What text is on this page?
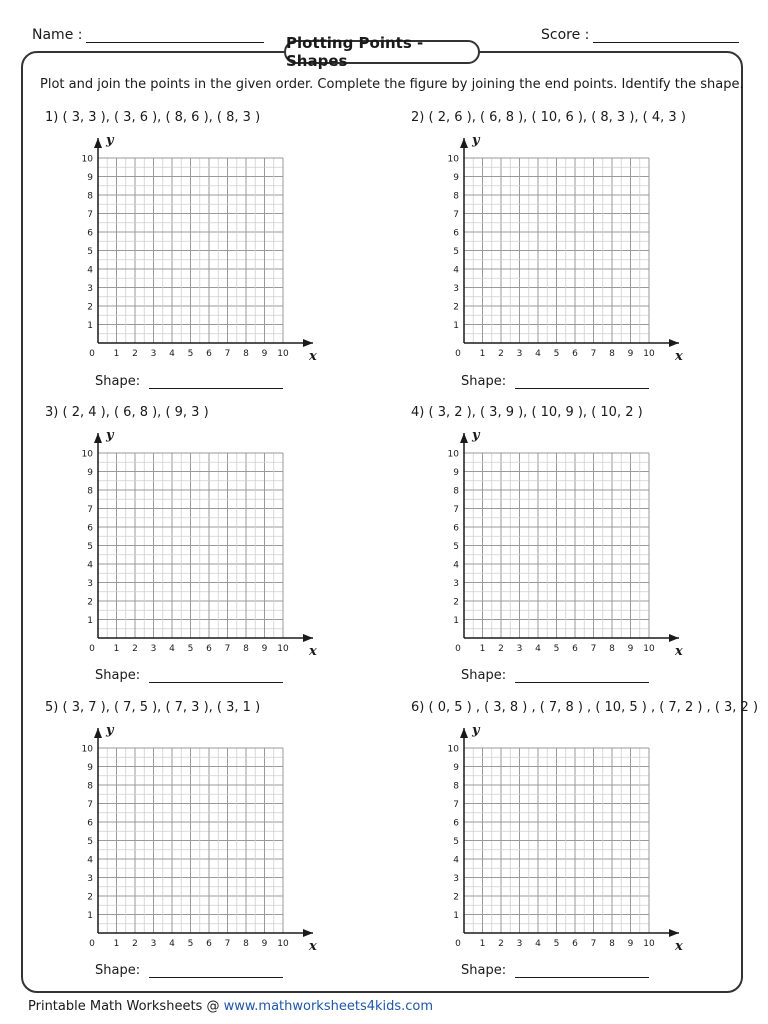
Name :	Score :
Plotting Points - Shapes
Plot and join the points in the given order. Complete the figure by joining the end points. Identify the shape.
1) ( 3, 3 ), ( 3, 6 ), ( 8, 6 ), ( 8, 3 )
0 1 2 3 4 5 6 7 8 9 10
1
2
3
4
5
6
7
8
9
10
x
y
Shape:
2) ( 2, 6 ), ( 6, 8 ), ( 10, 6 ), ( 8, 3 ), ( 4, 3 )
0 1 2 3 4 5 6 7 8 9 10
1
2
3
4
5
6
7
8
9
10
x
y
Shape:
3) ( 2, 4 ), ( 6, 8 ), ( 9, 3 )
0 1 2 3 4 5 6 7 8 9 10
1
2
3
4
5
6
7
8
9
10
x
y
Shape:
4) ( 3, 2 ), ( 3, 9 ), ( 10, 9 ), ( 10, 2 )
0 1 2 3 4 5 6 7 8 9 10
1
2
3
4
5
6
7
8
9
10
x
y
Shape:
5) ( 3, 7 ), ( 7, 5 ), ( 7, 3 ), ( 3, 1 )
0 1 2 3 4 5 6 7 8 9 10
1
2
3
4
5
6
7
8
9
10
x
y
Shape:
6) ( 0, 5 ) , ( 3, 8 ) , ( 7, 8 ) , ( 10, 5 ) , ( 7, 2 ) , ( 3, 2 )
0 1 2 3 4 5 6 7 8 9 10
1
2
3
4
5
6
7
8
9
10
x
y
Shape:
Printable Math Worksheets @ www.mathworksheets4kids.com
